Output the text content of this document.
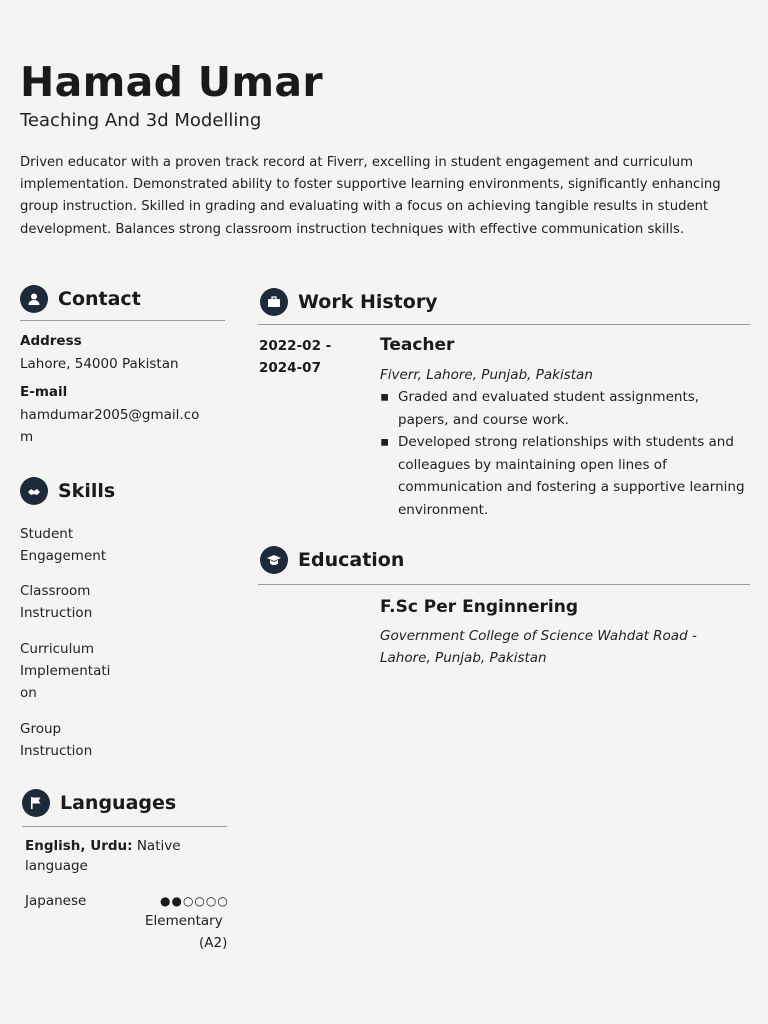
Hamad Umar
Teaching And 3d Modelling
Driven educator with a proven track record at Fiverr, excelling in student engagement and curriculum implementation. Demonstrated ability to foster supportive learning environments, significantly enhancing group instruction. Skilled in grading and evaluating with a focus on achieving tangible results in student development. Balances strong classroom instruction techniques with effective communication skills.
Contact
Address
Lahore, 54000 Pakistan
E-mail
hamdumar2005@gmail.co
m
Skills
Student
Engagement
Classroom
Instruction
Curriculum
Implementati
on
Group
Instruction
Languages
English, Urdu: Native
language
Japanese	●●○○○○
Elementary
(A2)
Work History
2022-02 -
2024-07
Teacher
Fiverr, Lahore, Punjab, Pakistan
▪ Graded and evaluated student assignments, papers, and course work.
▪ Developed strong relationships with students and colleagues by maintaining open lines of communication and fostering a supportive learning environment.
Education
F.Sc Per Enginnering
Government College of Science Wahdat Road -
Lahore, Punjab, Pakistan
